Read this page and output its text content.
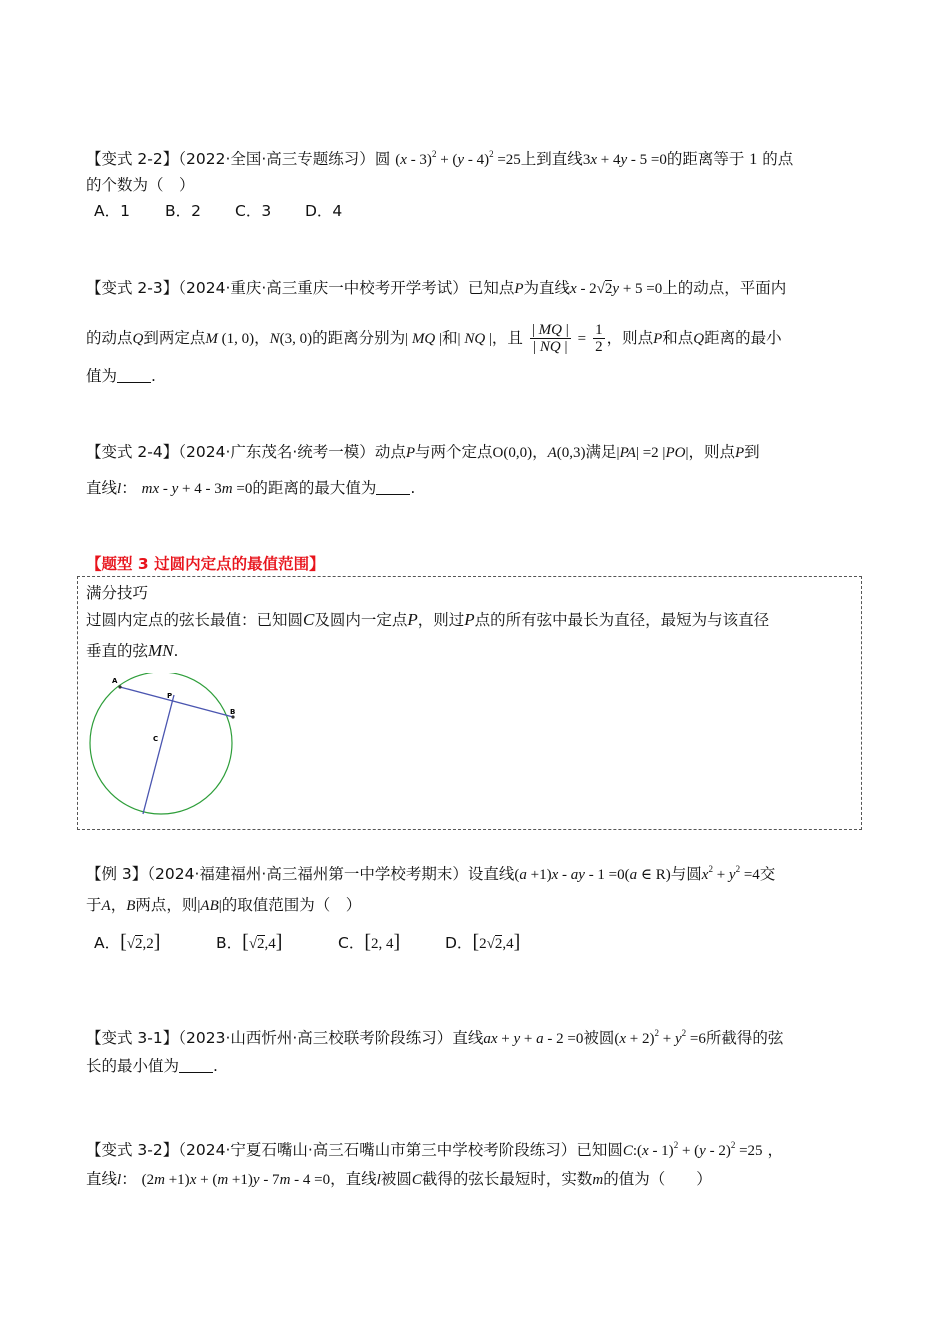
【变式 2-2】（2022·全国·高三专题练习）圆 (x - 3)$^2$ + (y - 4)$^2$ =25上到直线3x + 4y - 5 =0的距离等于 1 的点
的个数为（　）
A．1 B．2 C．3 D．4
【变式 2-3】（2024·重庆·高三重庆一中校考开学考试）已知点P为直线x - 2√2y + 5 =0上的动点，平面内
的动点Q到两定点M (1, 0)，N(3, 0)的距离分别为| MQ |和| NQ |，且 $\frac{| MQ |}{| NQ |} = \frac{1}{2}$ ，则点P和点Q距离的最小
值为 .
【变式 2-4】（2024·广东茂名·统考一模）动点P与两个定点O(0,0)，A(0,3)满足|PA| =2 |PO|，则点P到
直线l： mx - y + 4 - 3m =0的距离的最大值为 .
【题型 3 过圆内定点的最值范围】
满分技巧
过圆内定点的弦长最值：已知圆C及圆内一定点P，则过P点的所有弦中最长为直径，最短为与该直径
垂直的弦MN.
A
P
B
C
【例 3】（2024·福建福州·高三福州第一中学校考期末）设直线(a +1)x - ay - 1 =0(a ∈ R)与圆$x^2 + y^2 =4$交
于A，B两点，则|AB|的取值范围为（　）
A．[√2,2]	B．[√2,4]	C．[2, 4]	D．[2√2,4]
【变式 3-1】（2023·山西忻州·高三校联考阶段练习）直线ax + y + a - 2 =0被圆$(x + 2)^2 + y^2 =6$所截得的弦
长的最小值为 .
【变式 3-2】（2024·宁夏石嘴山·高三石嘴山市第三中学校考阶段练习）已知圆C:(x - 1)$^2$ + (y - 2)$^2$ =25 ，
直线l： (2m +1)x + (m +1)y - 7m - 4 =0，直线l被圆C截得的弦长最短时，实数m的值为（　　）
